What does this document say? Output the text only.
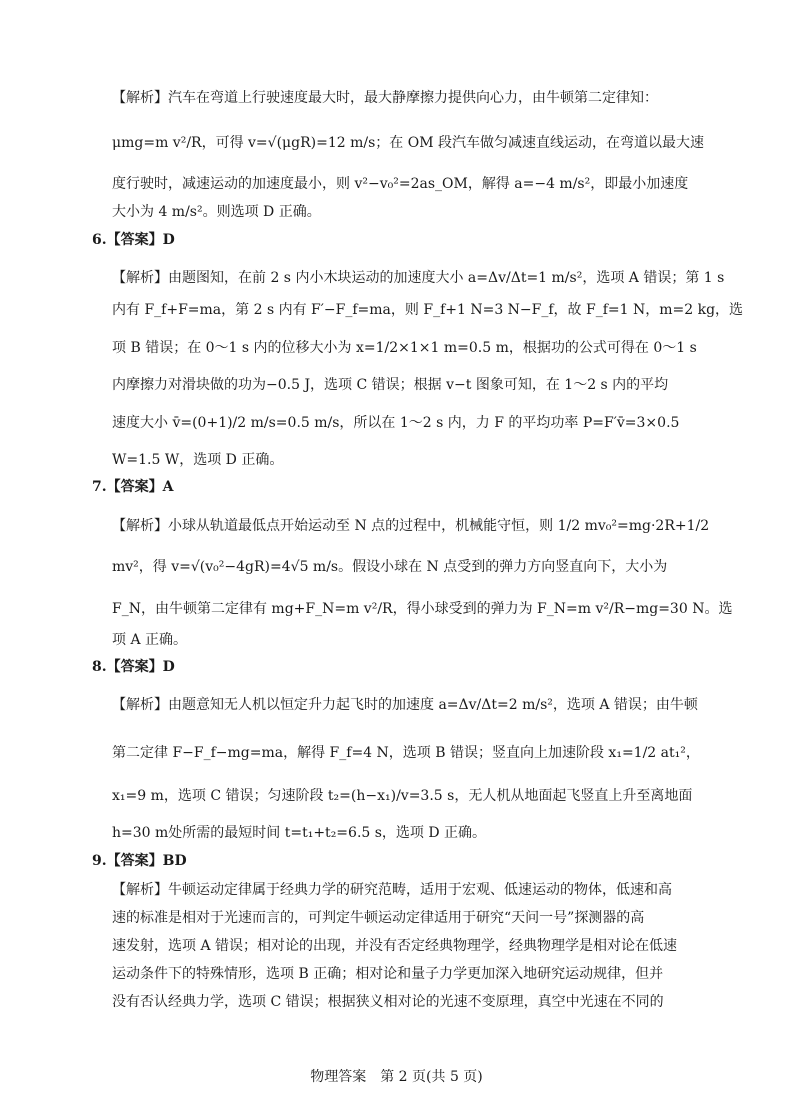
【解析】汽车在弯道上行驶速度最大时，最大静摩擦力提供向心力，由牛顿第二定律知：
μmg=m v²/R，可得 v=√(μgR)=12 m/s；在 OM 段汽车做匀减速直线运动，在弯道以最大速
度行驶时，减速运动的加速度最小，则 v²−v₀²=2as_OM，解得 a=−4 m/s²，即最小加速度
大小为 4 m/s²。则选项 D 正确。
6.【答案】D
【解析】由题图知，在前 2 s 内小木块运动的加速度大小 a=Δv/Δt=1 m/s²，选项 A 错误；第 1 s
内有 F_f+F=ma，第 2 s 内有 F′−F_f=ma，则 F_f+1 N=3 N−F_f，故 F_f=1 N，m=2 kg，选
项 B 错误；在 0～1 s 内的位移大小为 x=1/2×1×1 m=0.5 m，根据功的公式可得在 0～1 s
内摩擦力对滑块做的功为−0.5 J，选项 C 错误；根据 v−t 图象可知，在 1～2 s 内的平均
速度大小 v̄=(0+1)/2 m/s=0.5 m/s，所以在 1～2 s 内，力 F 的平均功率 P=F′v̄=3×0.5
W=1.5 W，选项 D 正确。
7.【答案】A
【解析】小球从轨道最低点开始运动至 N 点的过程中，机械能守恒，则 1/2 mv₀²=mg·2R+1/2
mv²，得 v=√(v₀²−4gR)=4√5 m/s。假设小球在 N 点受到的弹力方向竖直向下，大小为
F_N，由牛顿第二定律有 mg+F_N=m v²/R，得小球受到的弹力为 F_N=m v²/R−mg=30 N。选
项 A 正确。
8.【答案】D
【解析】由题意知无人机以恒定升力起飞时的加速度 a=Δv/Δt=2 m/s²，选项 A 错误；由牛顿
第二定律 F−F_f−mg=ma，解得 F_f=4 N，选项 B 错误；竖直向上加速阶段 x₁=1/2 at₁²，
x₁=9 m，选项 C 错误；匀速阶段 t₂=(h−x₁)/v=3.5 s，无人机从地面起飞竖直上升至离地面
h=30 m处所需的最短时间 t=t₁+t₂=6.5 s，选项 D 正确。
9.【答案】BD
【解析】牛顿运动定律属于经典力学的研究范畴，适用于宏观、低速运动的物体，低速和高
速的标准是相对于光速而言的，可判定牛顿运动定律适用于研究“天问一号”探测器的高
速发射，选项 A 错误；相对论的出现，并没有否定经典物理学，经典物理学是相对论在低速
运动条件下的特殊情形，选项 B 正确；相对论和量子力学更加深入地研究运动规律，但并
没有否认经典力学，选项 C 错误；根据狭义相对论的光速不变原理，真空中光速在不同的
物理答案　第 2 页(共 5 页)
